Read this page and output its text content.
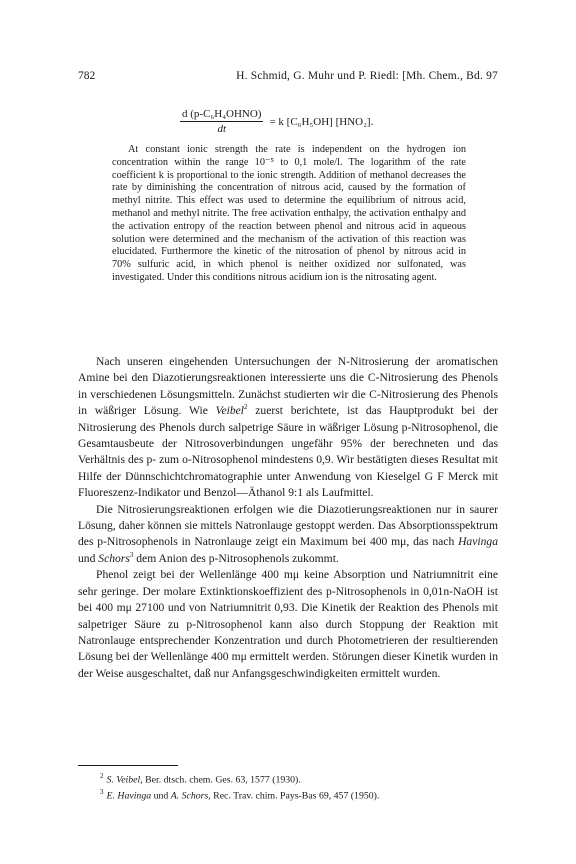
782	H. Schmid, G. Muhr und P. Riedl: [Mh. Chem., Bd. 97
$\frac{\text{d (p-C₆H₄OHNO)}}{dt} = k$ [C₆H₅OH] [HNO₂].

At constant ionic strength the rate is independent on the hydrogen ion concentration within the range 10⁻⁵ to 0,1 mole/l. The logarithm of the rate coefficient k is proportional to the ionic strength. Addition of methanol decreases the rate by diminishing the concentration of nitrous acid, caused by the formation of methyl nitrite. This effect was used to determine the equilibrium of nitrous acid, methanol and methyl nitrite. The free activation enthalpy, the activation enthalpy and the activation entropy of the reaction between phenol and nitrous acid in aqueous solution were determined and the mechanism of the activation of this reaction was elucidated. Furthermore the kinetic of the nitrosation of phenol by nitrous acid in 70% sulfuric acid, in which phenol is neither oxidized nor sulfonated, was investigated. Under this conditions nitrous acidium ion is the nitrosating agent.

Nach unseren eingehenden Untersuchungen der N-Nitrosierung der aromatischen Amine bei den Diazotierungsreaktionen interessierte uns die C-Nitrosierung des Phenols in verschiedenen Lösungsmitteln. Zunächst studierten wir die C-Nitrosierung des Phenols in wäßriger Lösung. Wie Veibel$^2$ zuerst berichtete, ist das Hauptprodukt bei der Nitrosierung des Phenols durch salpetrige Säure in wäßriger Lösung p-Nitrosophenol, die Gesamtausbeute der Nitrosoverbindungen ungefähr 95% der berechneten und das Verhältnis des p- zum o-Nitrosophenol mindestens 0,9. Wir bestätigten dieses Resultat mit Hilfe der Dünnschichtchromatographie unter Anwendung von Kieselgel G F Merck mit Fluoreszenz-Indikator und Benzol—Äthanol 9:1 als Laufmittel.

Die Nitrosierungsreaktionen erfolgen wie die Diazotierungsreaktionen nur in saurer Lösung, daher können sie mittels Natronlauge gestoppt werden. Das Absorptionsspektrum des p-Nitrosophenols in Natronlauge zeigt ein Maximum bei 400 mμ, das nach Havinga und Schors$^3$ dem Anion des p-Nitrosophenols zukommt.

Phenol zeigt bei der Wellenlänge 400 mμ keine Absorption und Natriumnitrit eine sehr geringe. Der molare Extinktionskoeffizient des p-Nitrosophenols in 0,01n-NaOH ist bei 400 mμ 27100 und von Natriumnitrit 0,93. Die Kinetik der Reaktion des Phenols mit salpetriger Säure zu p-Nitrosophenol kann also durch Stoppung der Reaktion mit Natronlauge entsprechender Konzentration und durch Photometrieren der resultierenden Lösung bei der Wellenlänge 400 mμ ermittelt werden. Störungen dieser Kinetik wurden in der Weise ausgeschaltet, daß nur Anfangsgeschwindigkeiten ermittelt wurden.

$^2$ S. Veibel, Ber. dtsch. chem. Ges. 63, 1577 (1930).
$^3$ E. Havinga und A. Schors, Rec. Trav. chim. Pays-Bas 69, 457 (1950).
